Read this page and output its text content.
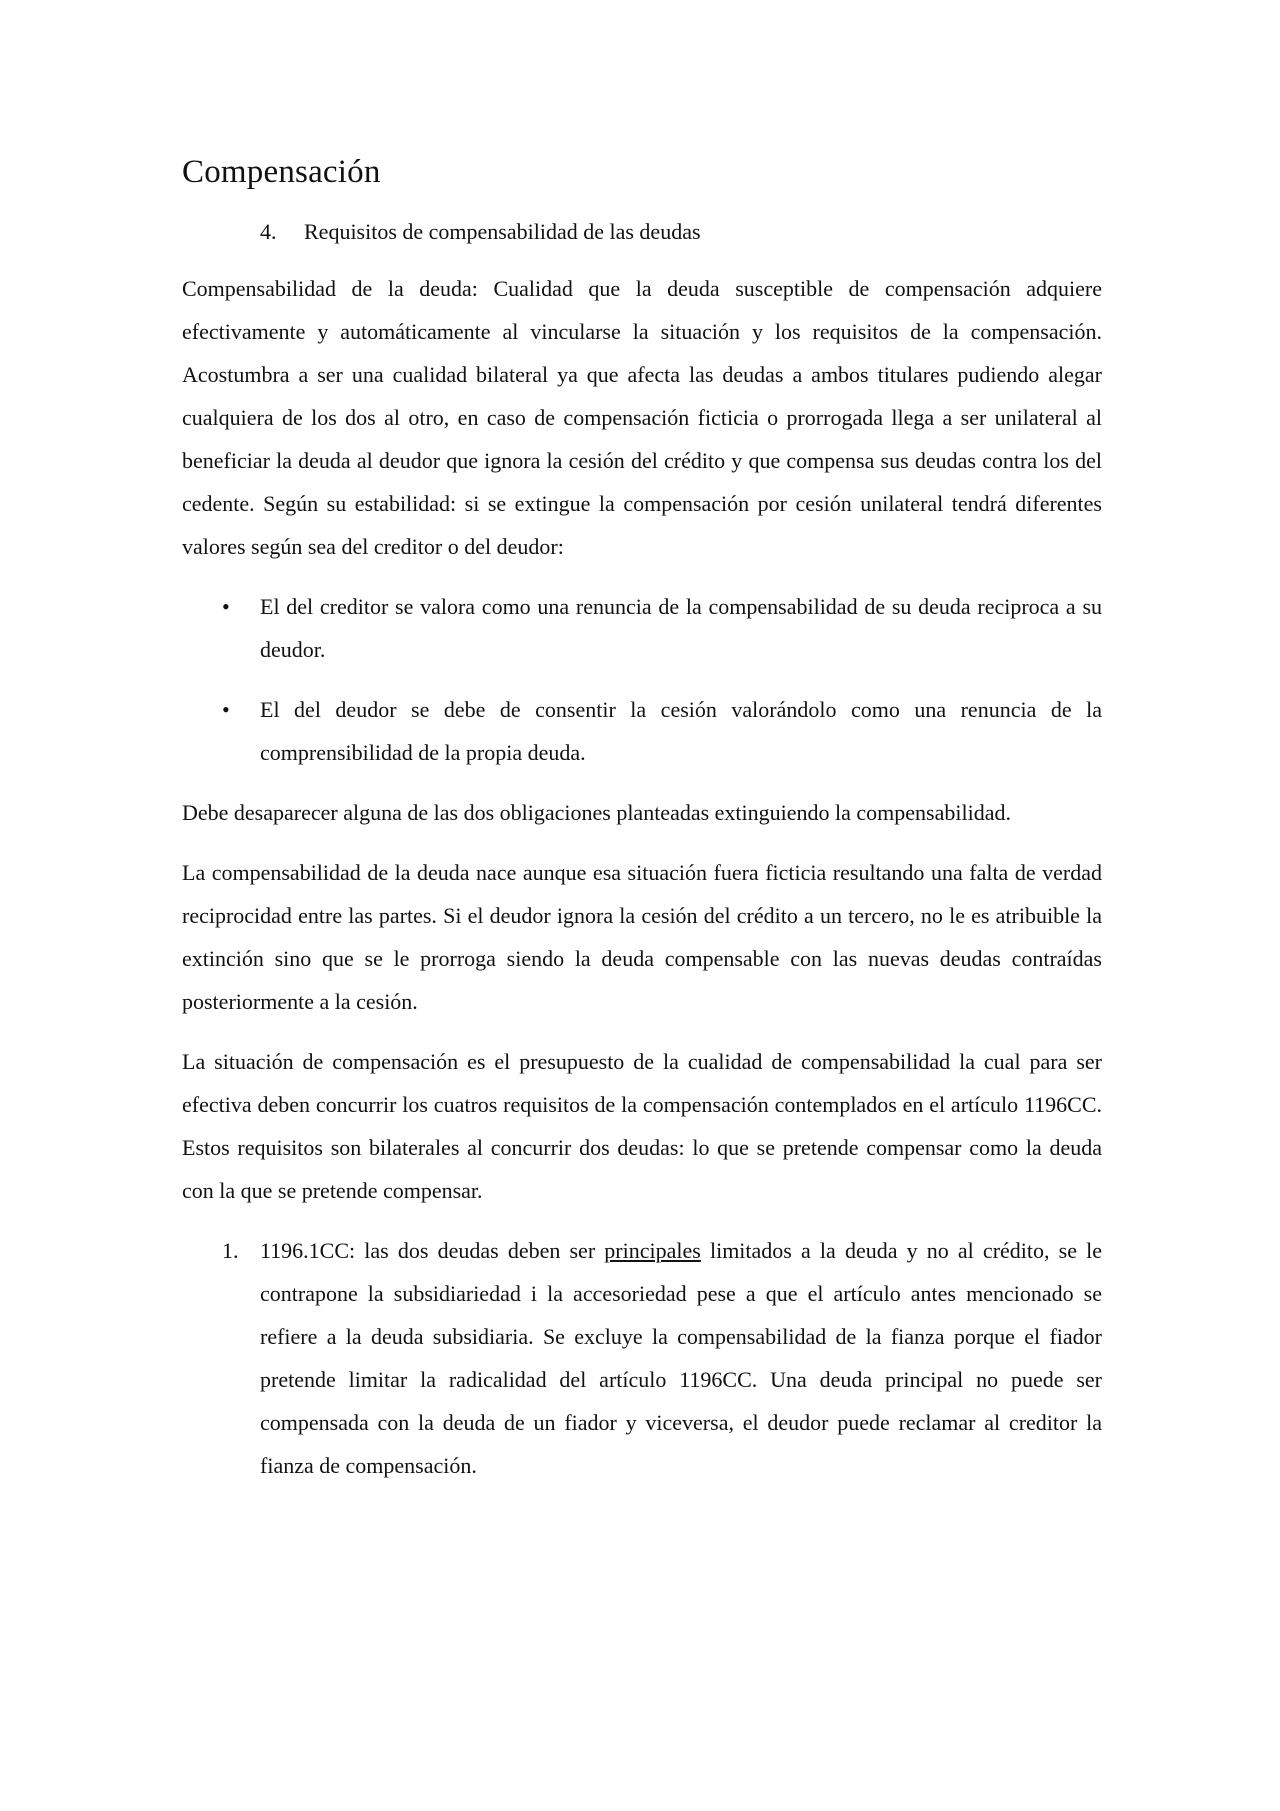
Compensación
4.	Requisitos de compensabilidad de las deudas

Compensabilidad de la deuda: Cualidad que la deuda susceptible de compensación adquiere efectivamente y automáticamente al vincularse la situación y los requisitos de la compensación. Acostumbra a ser una cualidad bilateral ya que afecta las deudas a ambos titulares pudiendo alegar cualquiera de los dos al otro, en caso de compensación ficticia o prorrogada llega a ser unilateral al beneficiar la deuda al deudor que ignora la cesión del crédito y que compensa sus deudas contra los del cedente. Según su estabilidad: si se extingue la compensación por cesión unilateral tendrá diferentes valores según sea del creditor o del deudor:

•	El del creditor se valora como una renuncia de la compensabilidad de su deuda reciproca a su deudor.
•	El del deudor se debe de consentir la cesión valorándolo como una renuncia de la comprensibilidad de la propia deuda.

Debe desaparecer alguna de las dos obligaciones planteadas extinguiendo la compensabilidad.

La compensabilidad de la deuda nace aunque esa situación fuera ficticia resultando una falta de verdad reciprocidad entre las partes. Si el deudor ignora la cesión del crédito a un tercero, no le es atribuible la extinción sino que se le prorroga siendo la deuda compensable con las nuevas deudas contraídas posteriormente a la cesión.

La situación de compensación es el presupuesto de la cualidad de compensabilidad la cual para ser efectiva deben concurrir los cuatros requisitos de la compensación contemplados en el artículo 1196CC. Estos requisitos son bilaterales al concurrir dos deudas: lo que se pretende compensar como la deuda con la que se pretende compensar.

1. 1196.1CC: las dos deudas deben ser principales limitados a la deuda y no al crédito, se le contrapone la subsidiariedad i la accesoriedad pese a que el artículo antes mencionado se refiere a la deuda subsidiaria. Se excluye la compensabilidad de la fianza porque el fiador pretende limitar la radicalidad del artículo 1196CC. Una deuda principal no puede ser compensada con la deuda de un fiador y viceversa, el deudor puede reclamar al creditor la fianza de compensación.
